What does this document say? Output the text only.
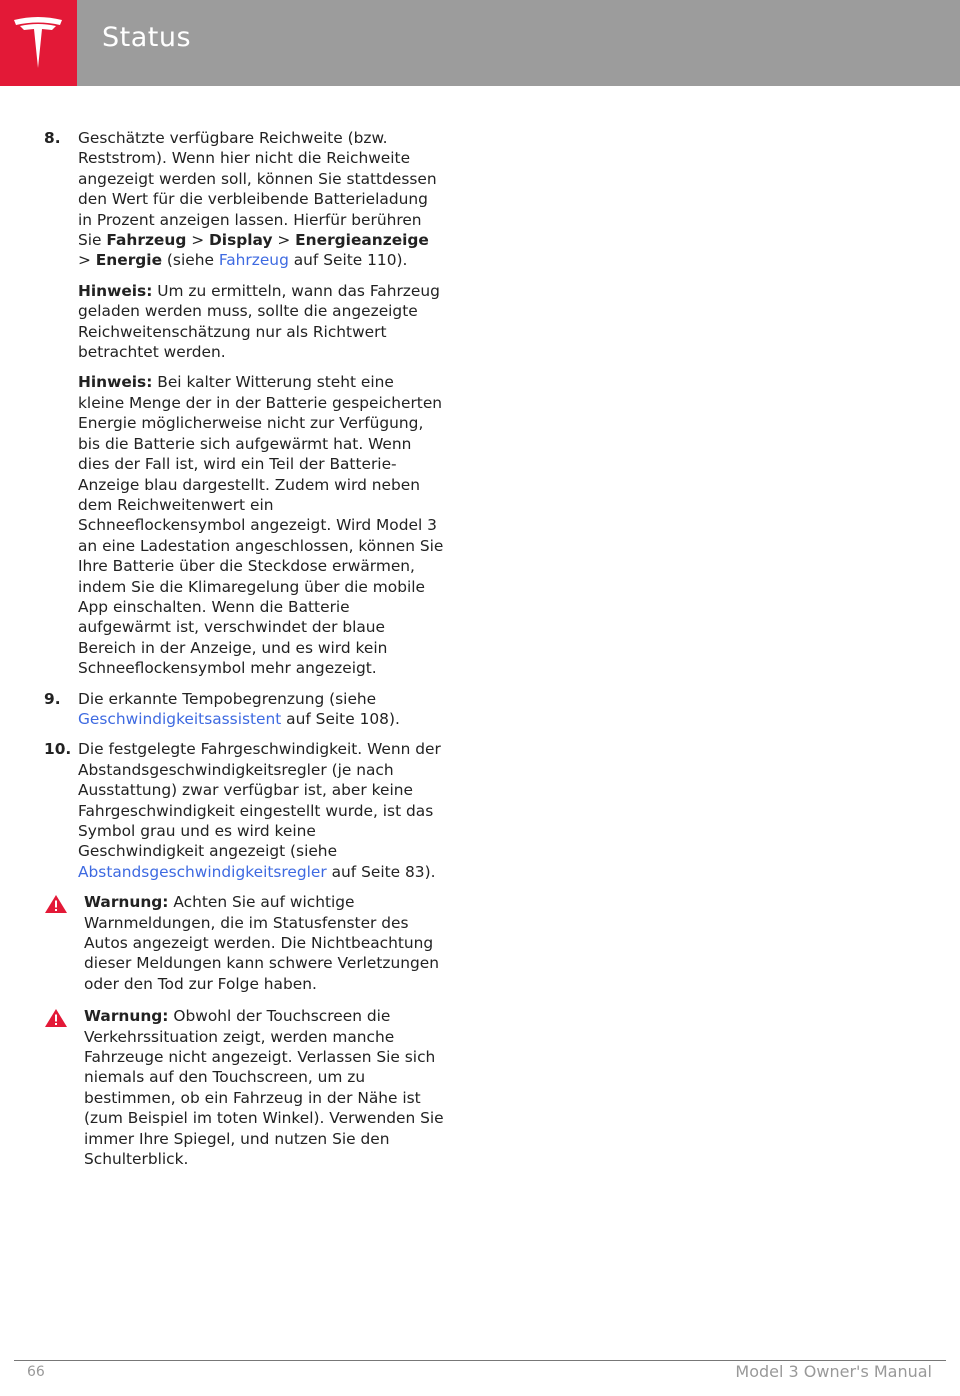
Status
8. Geschätzte verfügbare Reichweite (bzw. Reststrom). Wenn hier nicht die Reichweite angezeigt werden soll, können Sie stattdessen den Wert für die verbleibende Batterieladung in Prozent anzeigen lassen. Hierfür berühren Sie Fahrzeug > Display > Energieanzeige > Energie (siehe Fahrzeug auf Seite 110).

Hinweis: Um zu ermitteln, wann das Fahrzeug geladen werden muss, sollte die angezeigte Reichweitenschätzung nur als Richtwert betrachtet werden.

Hinweis: Bei kalter Witterung steht eine kleine Menge der in der Batterie gespeicherten Energie möglicherweise nicht zur Verfügung, bis die Batterie sich aufgewärmt hat. Wenn dies der Fall ist, wird ein Teil der Batterie-Anzeige blau dargestellt. Zudem wird neben dem Reichweitenwert ein Schneeflockensymbol angezeigt. Wird Model 3 an eine Ladestation angeschlossen, können Sie Ihre Batterie über die Steckdose erwärmen, indem Sie die Klimaregelung über die mobile App einschalten. Wenn die Batterie aufgewärmt ist, verschwindet der blaue Bereich in der Anzeige, und es wird kein Schneeflockensymbol mehr angezeigt.

9. Die erkannte Tempobegrenzung (siehe Geschwindigkeitsassistent auf Seite 108).

10. Die festgelegte Fahrgeschwindigkeit. Wenn der Abstandsgeschwindigkeitsregler (je nach Ausstattung) zwar verfügbar ist, aber keine Fahrgeschwindigkeit eingestellt wurde, ist das Symbol grau und es wird keine Geschwindigkeit angezeigt (siehe Abstandsgeschwindigkeitsregler auf Seite 83).

Warnung: Achten Sie auf wichtige Warnmeldungen, die im Statusfenster des Autos angezeigt werden. Die Nichtbeachtung dieser Meldungen kann schwere Verletzungen oder den Tod zur Folge haben.

Warnung: Obwohl der Touchscreen die Verkehrssituation zeigt, werden manche Fahrzeuge nicht angezeigt. Verlassen Sie sich niemals auf den Touchscreen, um zu bestimmen, ob ein Fahrzeug in der Nähe ist (zum Beispiel im toten Winkel). Verwenden Sie immer Ihre Spiegel, und nutzen Sie den Schulterblick.

66	Model 3 Owner's Manual
